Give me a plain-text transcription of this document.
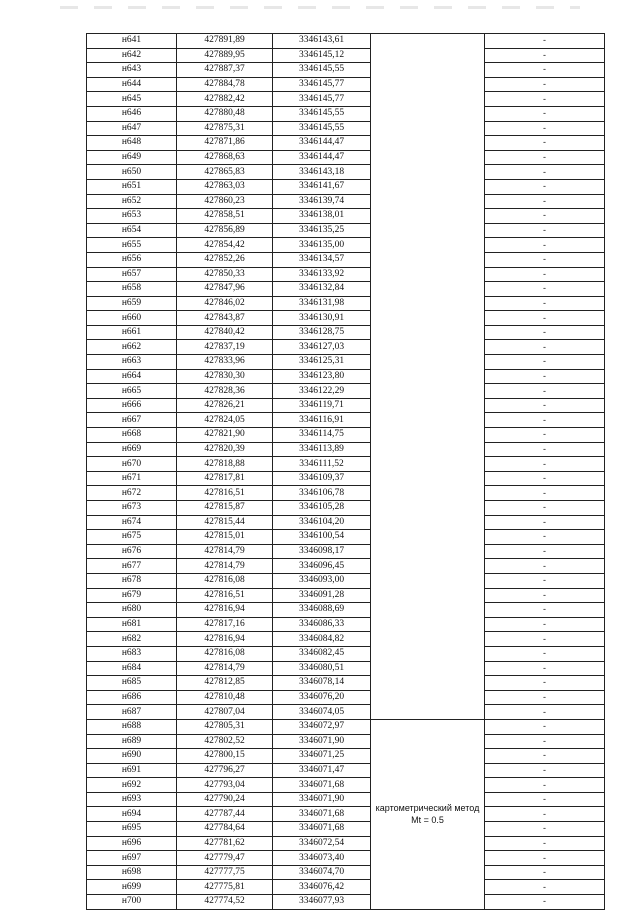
н641	427891,89	3346143,61		-
н642	427889,95	3346145,12		-
н643	427887,37	3346145,55		-
н644	427884,78	3346145,77		-
н645	427882,42	3346145,77		-
н646	427880,48	3346145,55		-
н647	427875,31	3346145,55		-
н648	427871,86	3346144,47		-
н649	427868,63	3346144,47		-
н650	427865,83	3346143,18		-
н651	427863,03	3346141,67		-
н652	427860,23	3346139,74		-
н653	427858,51	3346138,01		-
н654	427856,89	3346135,25		-
н655	427854,42	3346135,00		-
н656	427852,26	3346134,57		-
н657	427850,33	3346133,92		-
н658	427847,96	3346132,84		-
н659	427846,02	3346131,98		-
н660	427843,87	3346130,91		-
н661	427840,42	3346128,75		-
н662	427837,19	3346127,03		-
н663	427833,96	3346125,31		-
н664	427830,30	3346123,80		-
н665	427828,36	3346122,29		-
н666	427826,21	3346119,71		-
н667	427824,05	3346116,91		-
н668	427821,90	3346114,75		-
н669	427820,39	3346113,89		-
н670	427818,88	3346111,52		-
н671	427817,81	3346109,37		-
н672	427816,51	3346106,78		-
н673	427815,87	3346105,28		-
н674	427815,44	3346104,20		-
н675	427815,01	3346100,54		-
н676	427814,79	3346098,17		-
н677	427814,79	3346096,45		-
н678	427816,08	3346093,00		-
н679	427816,51	3346091,28		-
н680	427816,94	3346088,69		-
н681	427817,16	3346086,33		-
н682	427816,94	3346084,82		-
н683	427816,08	3346082,45		-
н684	427814,79	3346080,51		-
н685	427812,85	3346078,14		-
н686	427810,48	3346076,20		-
н687	427807,04	3346074,05		-
н688	427805,31	3346072,97	картометрический метод Mt = 0.5	-
н689	427802,52	3346071,90		-
н690	427800,15	3346071,25		-
н691	427796,27	3346071,47		-
н692	427793,04	3346071,68		-
н693	427790,24	3346071,90		-
н694	427787,44	3346071,68		-
н695	427784,64	3346071,68		-
н696	427781,62	3346072,54		-
н697	427779,47	3346073,40		-
н698	427777,75	3346074,70		-
н699	427775,81	3346076,42		-
н700	427774,52	3346077,93		-
